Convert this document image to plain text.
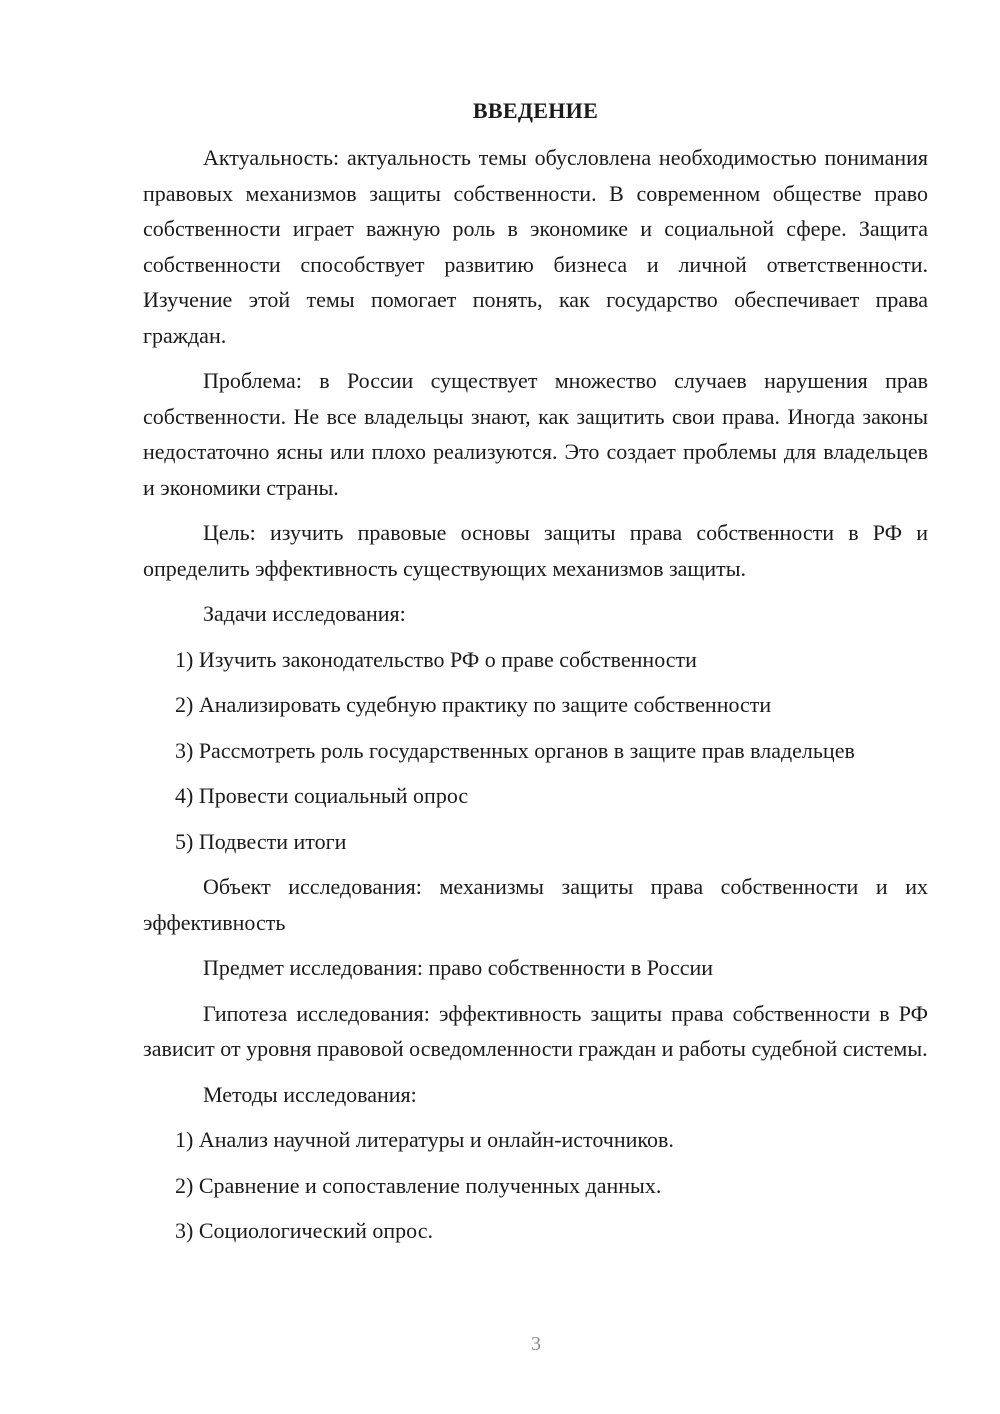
ВВЕДЕНИЕ

Актуальность: актуальность темы обусловлена необходимостью понимания правовых механизмов защиты собственности. В современном обществе право собственности играет важную роль в экономике и социальной сфере. Защита собственности способствует развитию бизнеса и личной ответственности. Изучение этой темы помогает понять, как государство обеспечивает права граждан.

Проблема: в России существует множество случаев нарушения прав собственности. Не все владельцы знают, как защитить свои права. Иногда законы недостаточно ясны или плохо реализуются. Это создает проблемы для владельцев и экономики страны.

Цель: изучить правовые основы защиты права собственности в РФ и определить эффективность существующих механизмов защиты.

Задачи исследования:

1) Изучить законодательство РФ о праве собственности

2) Анализировать судебную практику по защите собственности

3) Рассмотреть роль государственных органов в защите прав владельцев

4) Провести социальный опрос

5) Подвести итоги

Объект исследования: механизмы защиты права собственности и их эффективность

Предмет исследования: право собственности в России

Гипотеза исследования: эффективность защиты права собственности в РФ зависит от уровня правовой осведомленности граждан и работы судебной системы.

Методы исследования:

1) Анализ научной литературы и онлайн-источников.

2) Сравнение и сопоставление полученных данных.

3) Социологический опрос.

3
